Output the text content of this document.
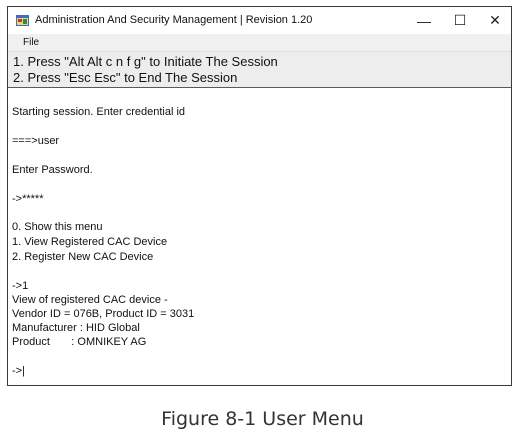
Administration And Security Management | Revision 1.20	—	☐	✕
File
1. Press "Alt Alt c n f g" to Initiate The Session
2. Press "Esc Esc" to End The Session
Starting session. Enter credential id
===>user
Enter Password.
->*****
0. Show this menu
1. View Registered CAC Device
2. Register New CAC Device
->1
View of registered CAC device -
Vendor ID = 076B, Product ID = 3031
Manufacturer : HID Global
Product       : OMNIKEY AG
->|
Figure 8-1 User Menu
